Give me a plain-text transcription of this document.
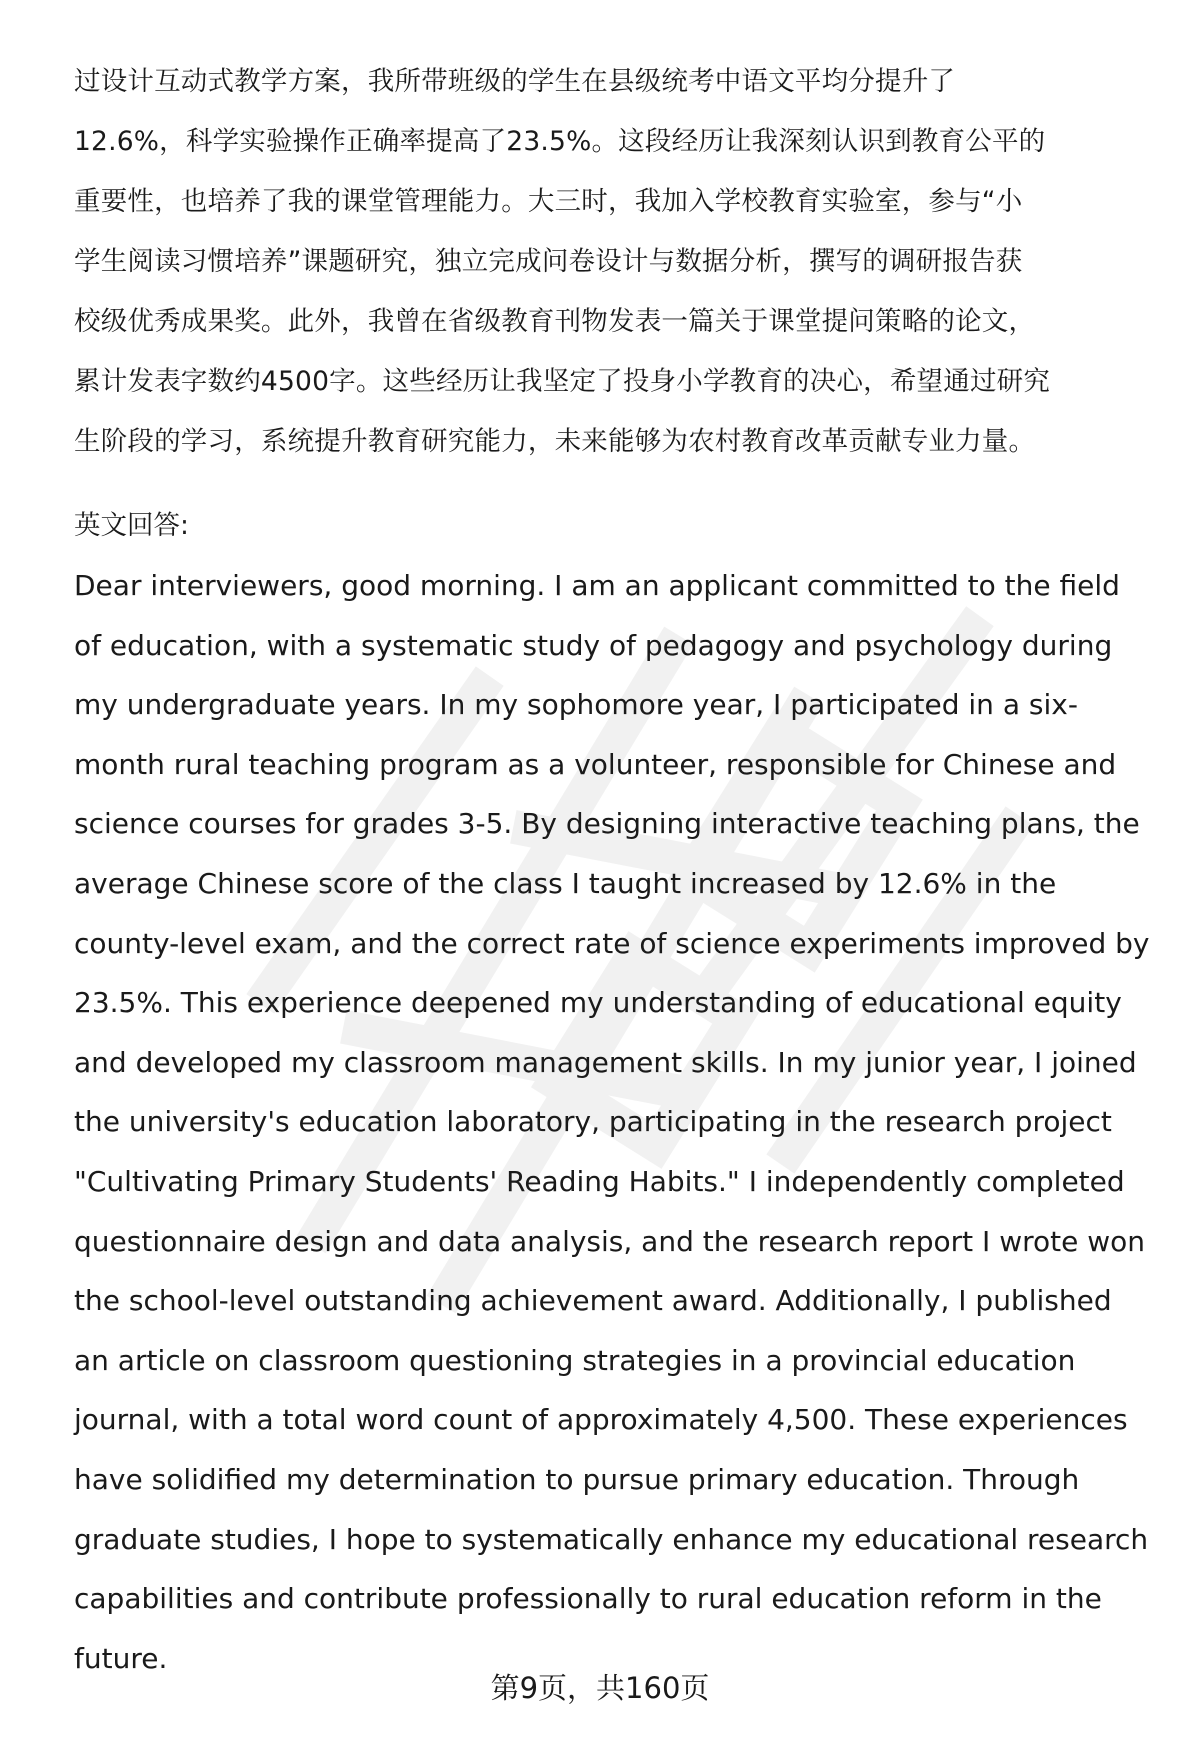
过设计互动式教学方案，我所带班级的学生在县级统考中语文平均分提升了
12.6%，科学实验操作正确率提高了23.5%。这段经历让我深刻认识到教育公平的
重要性，也培养了我的课堂管理能力。大三时，我加入学校教育实验室，参与“小
学生阅读习惯培养”课题研究，独立完成问卷设计与数据分析，撰写的调研报告获
校级优秀成果奖。此外，我曾在省级教育刊物发表一篇关于课堂提问策略的论文，
累计发表字数约4500字。这些经历让我坚定了投身小学教育的决心，希望通过研究
生阶段的学习，系统提升教育研究能力，未来能够为农村教育改革贡献专业力量。

英文回答:

Dear interviewers, good morning. I am an applicant committed to the field
of education, with a systematic study of pedagogy and psychology during
my undergraduate years. In my sophomore year, I participated in a six-
month rural teaching program as a volunteer, responsible for Chinese and
science courses for grades 3-5. By designing interactive teaching plans, the
average Chinese score of the class I taught increased by 12.6% in the
county-level exam, and the correct rate of science experiments improved by
23.5%. This experience deepened my understanding of educational equity
and developed my classroom management skills. In my junior year, I joined
the university's education laboratory, participating in the research project
"Cultivating Primary Students' Reading Habits." I independently completed
questionnaire design and data analysis, and the research report I wrote won
the school-level outstanding achievement award. Additionally, I published
an article on classroom questioning strategies in a provincial education
journal, with a total word count of approximately 4,500. These experiences
have solidified my determination to pursue primary education. Through
graduate studies, I hope to systematically enhance my educational research
capabilities and contribute professionally to rural education reform in the
future.

第9页，共160页
